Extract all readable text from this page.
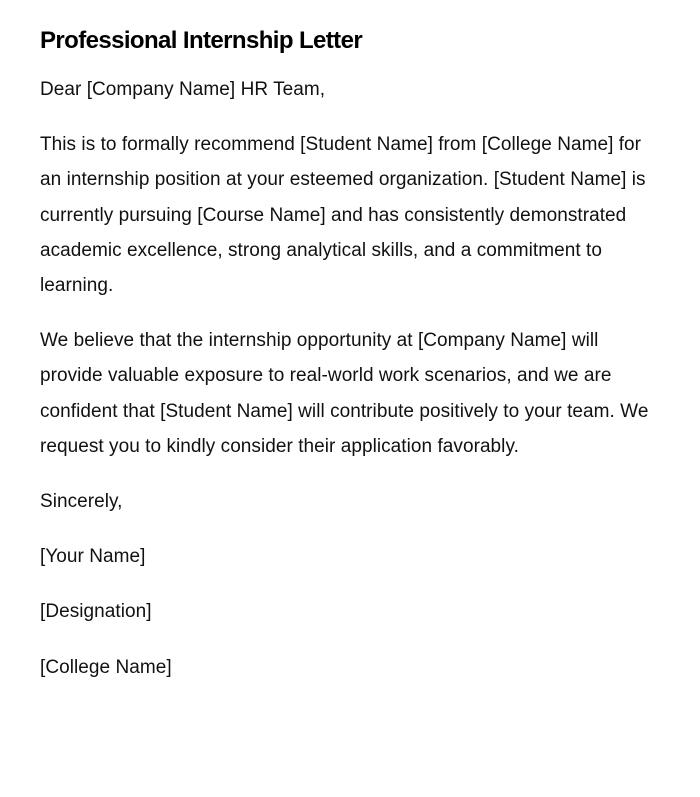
Professional Internship Letter

Dear [Company Name] HR Team,

This is to formally recommend [Student Name] from [College Name] for an internship position at your esteemed organization. [Student Name] is currently pursuing [Course Name] and has consistently demonstrated academic excellence, strong analytical skills, and a commitment to learning.

We believe that the internship opportunity at [Company Name] will provide valuable exposure to real-world work scenarios, and we are confident that [Student Name] will contribute positively to your team. We request you to kindly consider their application favorably.

Sincerely,

[Your Name]

[Designation]

[College Name]
